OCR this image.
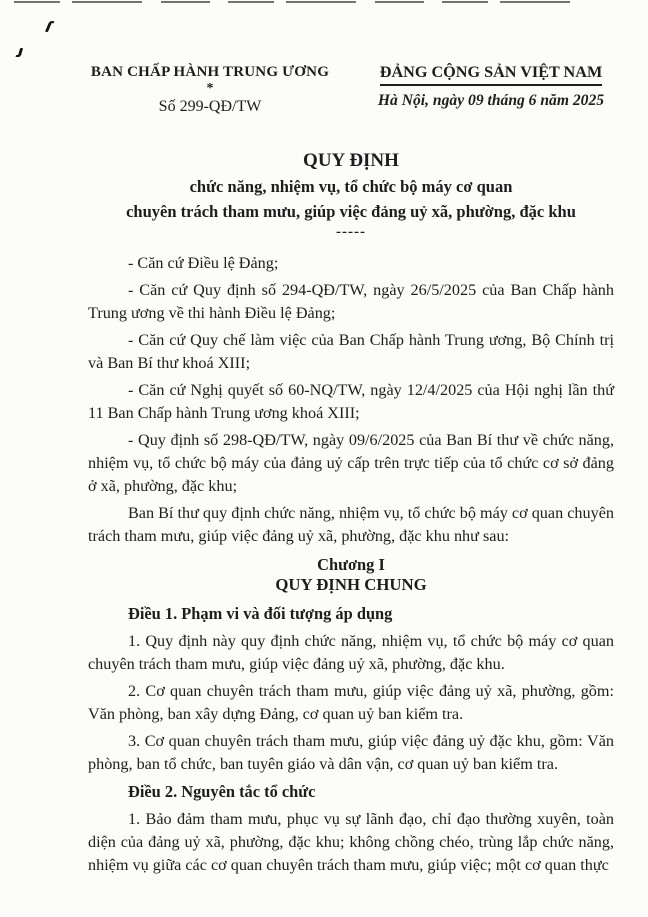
BAN CHẤP HÀNH TRUNG ƯƠNG
*
Số 299-QĐ/TW
ĐẢNG CỘNG SẢN VIỆT NAM
Hà Nội, ngày 09 tháng 6 năm 2025
QUY ĐỊNH
chức năng, nhiệm vụ, tổ chức bộ máy cơ quan
chuyên trách tham mưu, giúp việc đảng uỷ xã, phường, đặc khu
-----

- Căn cứ Điều lệ Đảng;

- Căn cứ Quy định số 294-QĐ/TW, ngày 26/5/2025 của Ban Chấp hành Trung ương về thi hành Điều lệ Đảng;

- Căn cứ Quy chế làm việc của Ban Chấp hành Trung ương, Bộ Chính trị và Ban Bí thư khoá XIII;

- Căn cứ Nghị quyết số 60-NQ/TW, ngày 12/4/2025 của Hội nghị lần thứ 11 Ban Chấp hành Trung ương khoá XIII;

- Quy định số 298-QĐ/TW, ngày 09/6/2025 của Ban Bí thư về chức năng, nhiệm vụ, tổ chức bộ máy của đảng uỷ cấp trên trực tiếp của tổ chức cơ sở đảng ở xã, phường, đặc khu;

Ban Bí thư quy định chức năng, nhiệm vụ, tổ chức bộ máy cơ quan chuyên trách tham mưu, giúp việc đảng uỷ xã, phường, đặc khu như sau:

Chương I
QUY ĐỊNH CHUNG

Điều 1. Phạm vi và đối tượng áp dụng

1. Quy định này quy định chức năng, nhiệm vụ, tổ chức bộ máy cơ quan chuyên trách tham mưu, giúp việc đảng uỷ xã, phường, đặc khu.

2. Cơ quan chuyên trách tham mưu, giúp việc đảng uỷ xã, phường, gồm: Văn phòng, ban xây dựng Đảng, cơ quan uỷ ban kiểm tra.

3. Cơ quan chuyên trách tham mưu, giúp việc đảng uỷ đặc khu, gồm: Văn phòng, ban tổ chức, ban tuyên giáo và dân vận, cơ quan uỷ ban kiểm tra.

Điều 2. Nguyên tắc tổ chức

1. Bảo đảm tham mưu, phục vụ sự lãnh đạo, chỉ đạo thường xuyên, toàn diện của đảng uỷ xã, phường, đặc khu; không chồng chéo, trùng lắp chức năng, nhiệm vụ giữa các cơ quan chuyên trách tham mưu, giúp việc; một cơ quan thực
